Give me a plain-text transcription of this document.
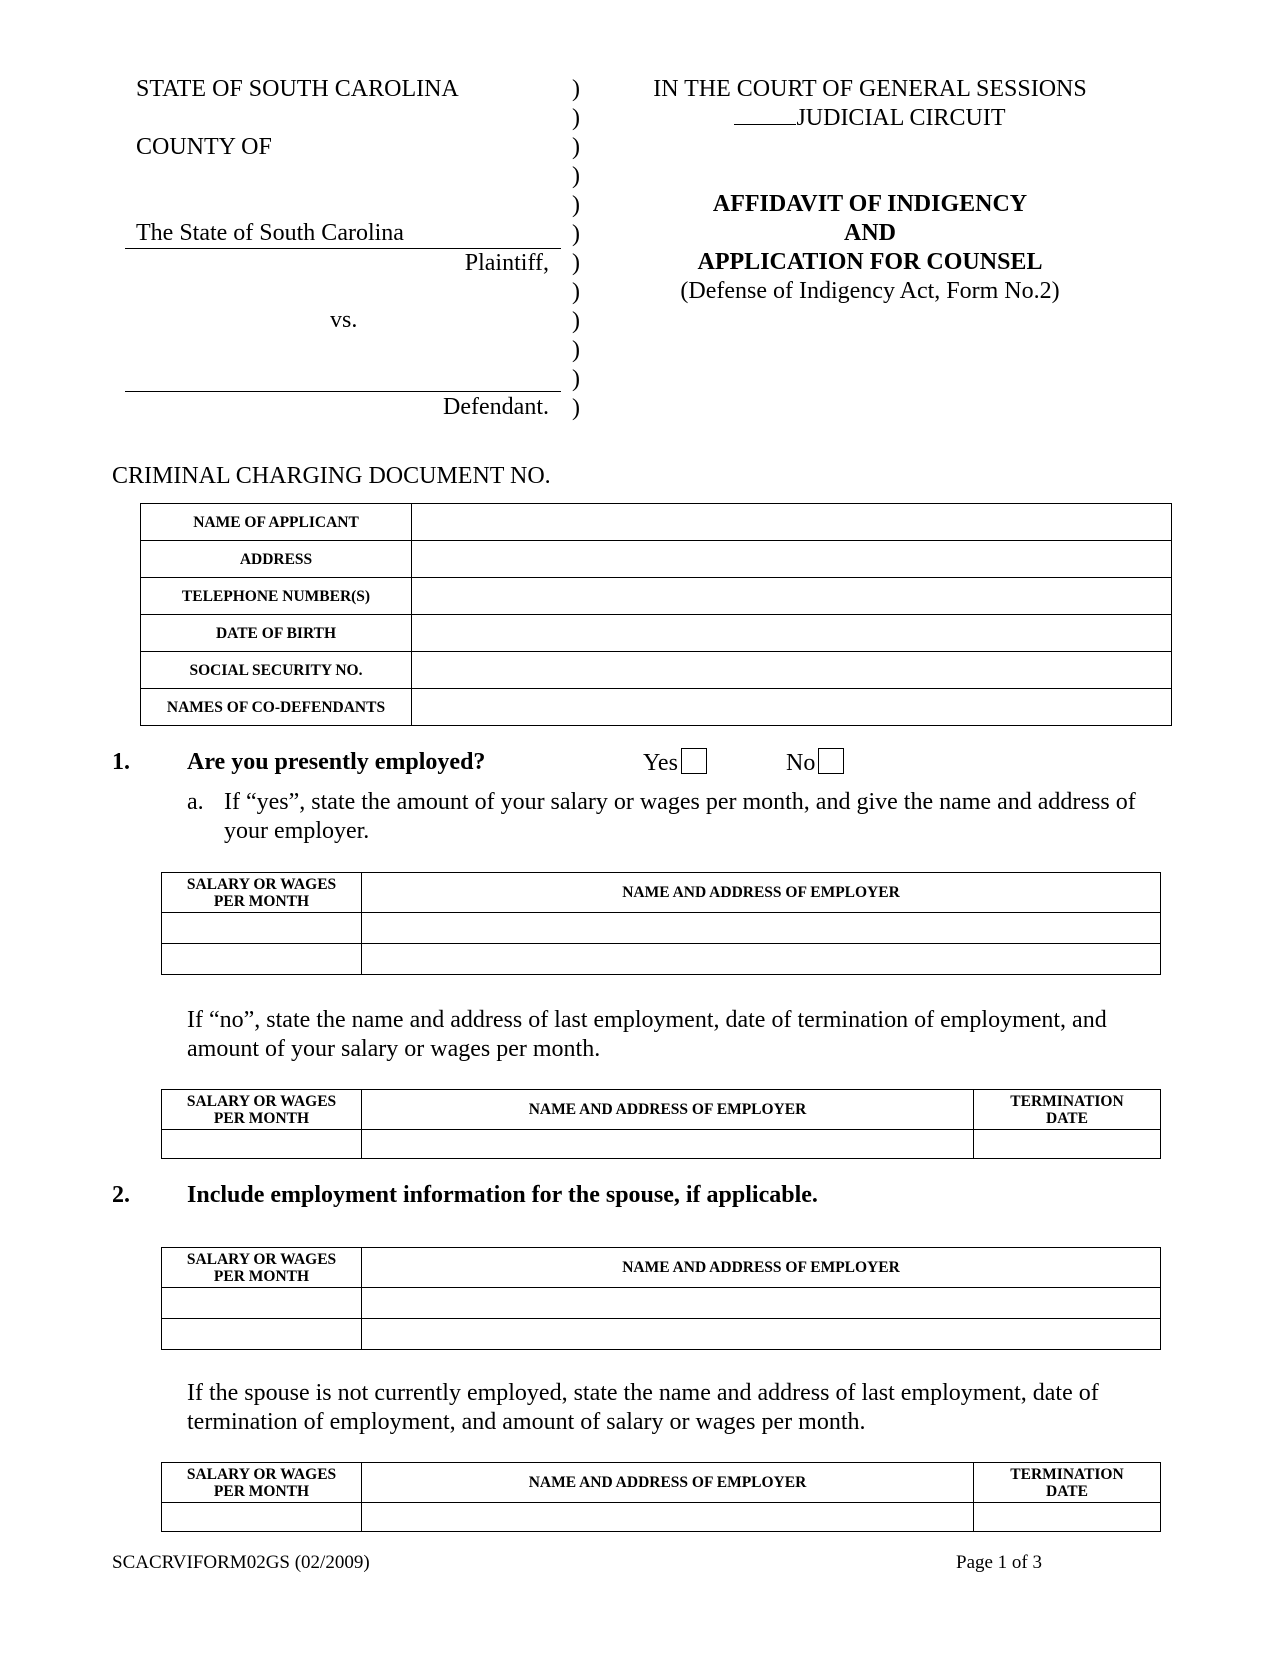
STATE OF SOUTH CAROLINA
COUNTY OF
The State of South Carolina
Plaintiff,
vs.
Defendant.
)
)
)
)
)
)
)
)
)
)
)
)
IN THE COURT OF GENERAL SESSIONS
JUDICIAL CIRCUIT
AFFIDAVIT OF INDIGENCY
AND
APPLICATION FOR COUNSEL
(Defense of Indigency Act, Form No.2)
CRIMINAL CHARGING DOCUMENT NO.
NAME OF APPLICANT	
ADDRESS	
TELEPHONE NUMBER(S)	
DATE OF BIRTH	
SOCIAL SECURITY NO.	
NAMES OF CO-DEFENDANTS	
1. Are you presently employed?	Yes	No
a. If “yes”, state the amount of your salary or wages per month, and give the name and address of your employer.
SALARY OR WAGES
PER MONTH	NAME AND ADDRESS OF EMPLOYER

If “no”, state the name and address of last employment, date of termination of employment, and amount of your salary or wages per month.
SALARY OR WAGES
PER MONTH	NAME AND ADDRESS OF EMPLOYER	TERMINATION
DATE

2. Include employment information for the spouse, if applicable.
SALARY OR WAGES
PER MONTH	NAME AND ADDRESS OF EMPLOYER

If the spouse is not currently employed, state the name and address of last employment, date of termination of employment, and amount of salary or wages per month.
SALARY OR WAGES
PER MONTH	NAME AND ADDRESS OF EMPLOYER	TERMINATION
DATE

SCACRVIFORM02GS (02/2009)	Page 1 of 3
